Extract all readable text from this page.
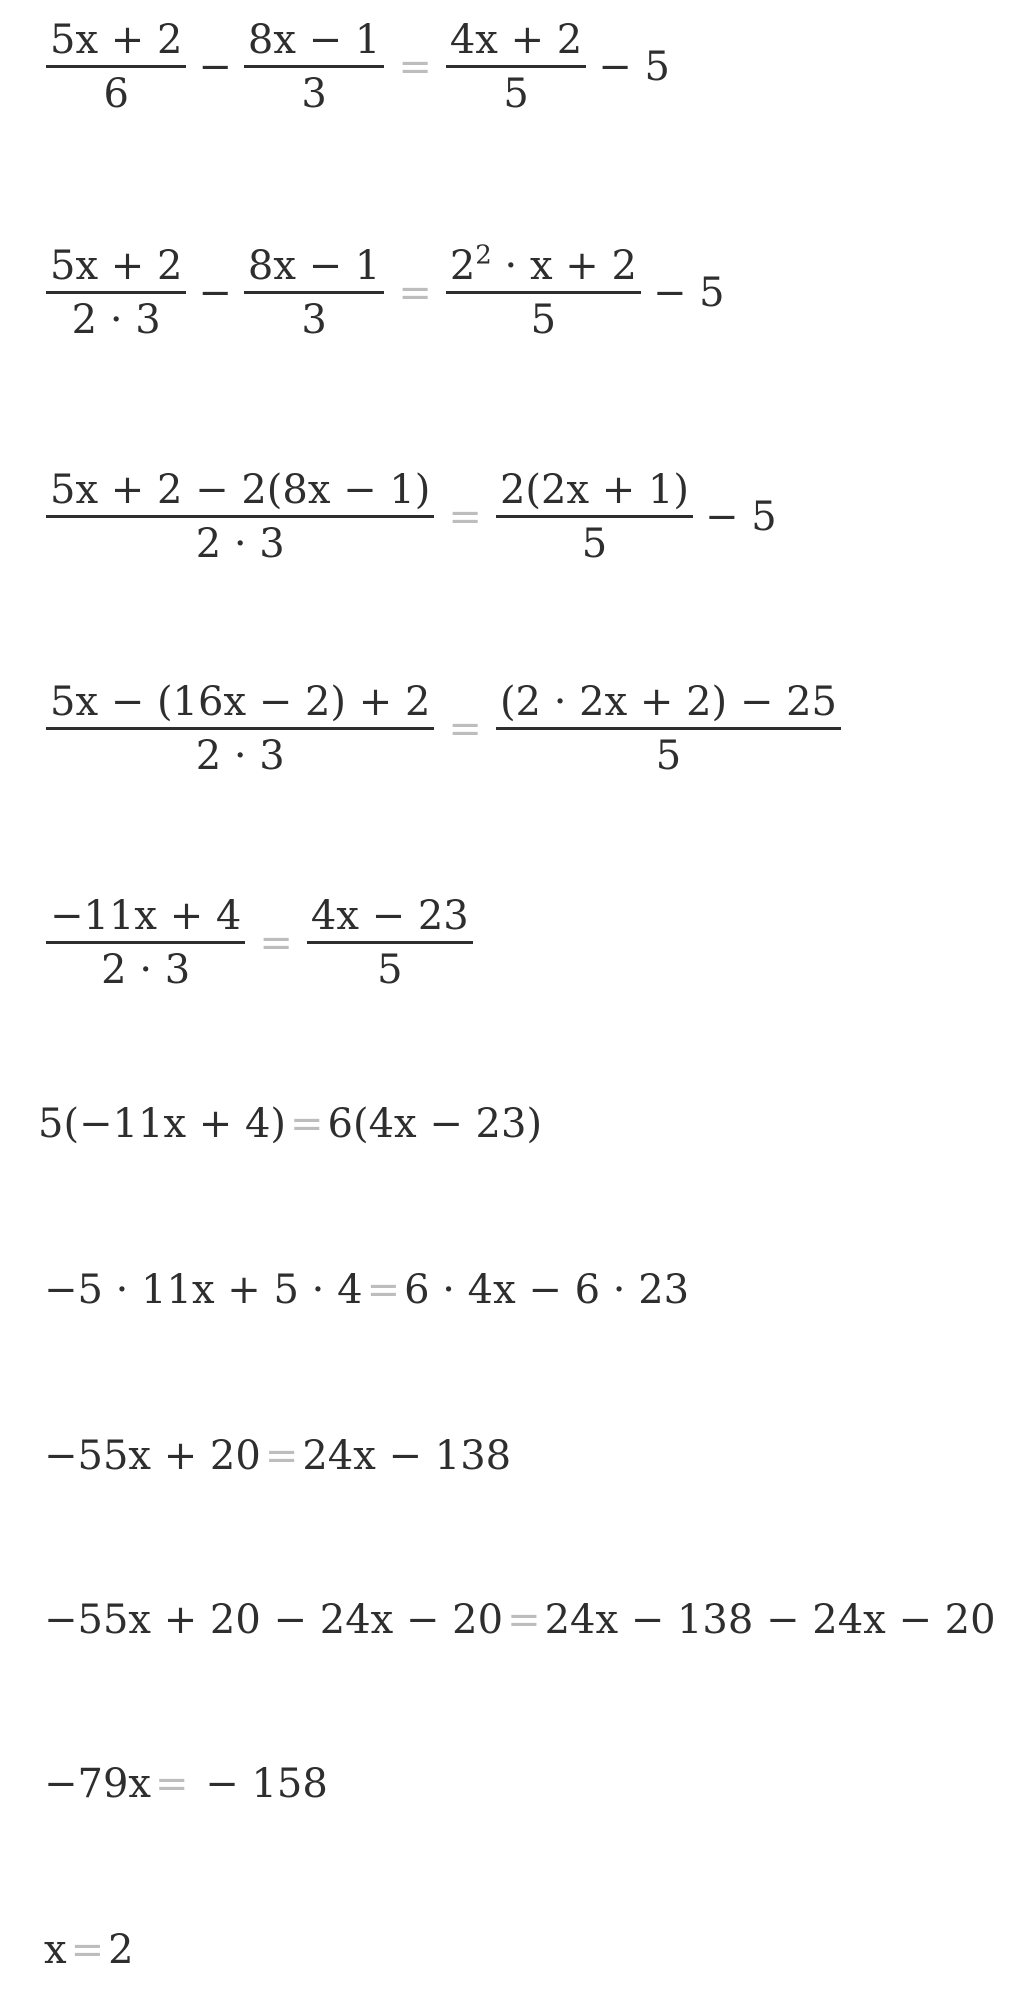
$\frac{5x + 2}{6} - \frac{8x - 1}{3} = \frac{4x + 2}{5} - 5$
$\frac{5x + 2}{2 \cdot 3} - \frac{8x - 1}{3} = \frac{2^2 \cdot x + 2}{5} - 5$
$\frac{5x + 2 - 2(8x - 1)}{2 \cdot 3} = \frac{2(2x + 1)}{5} - 5$
$\frac{5x - (16x - 2) + 2}{2 \cdot 3} = \frac{(2 \cdot 2x + 2) - 25}{5}$
$\frac{-11x + 4}{2 \cdot 3} = \frac{4x - 23}{5}$
5(−11x + 4) = 6(4x − 23)
−5 · 11x + 5 · 4 = 6 · 4x − 6 · 23
−55x + 20 = 24x − 138
−55x + 20 − 24x − 20 = 24x − 138 − 24x − 20
−79x = − 158
x = 2
